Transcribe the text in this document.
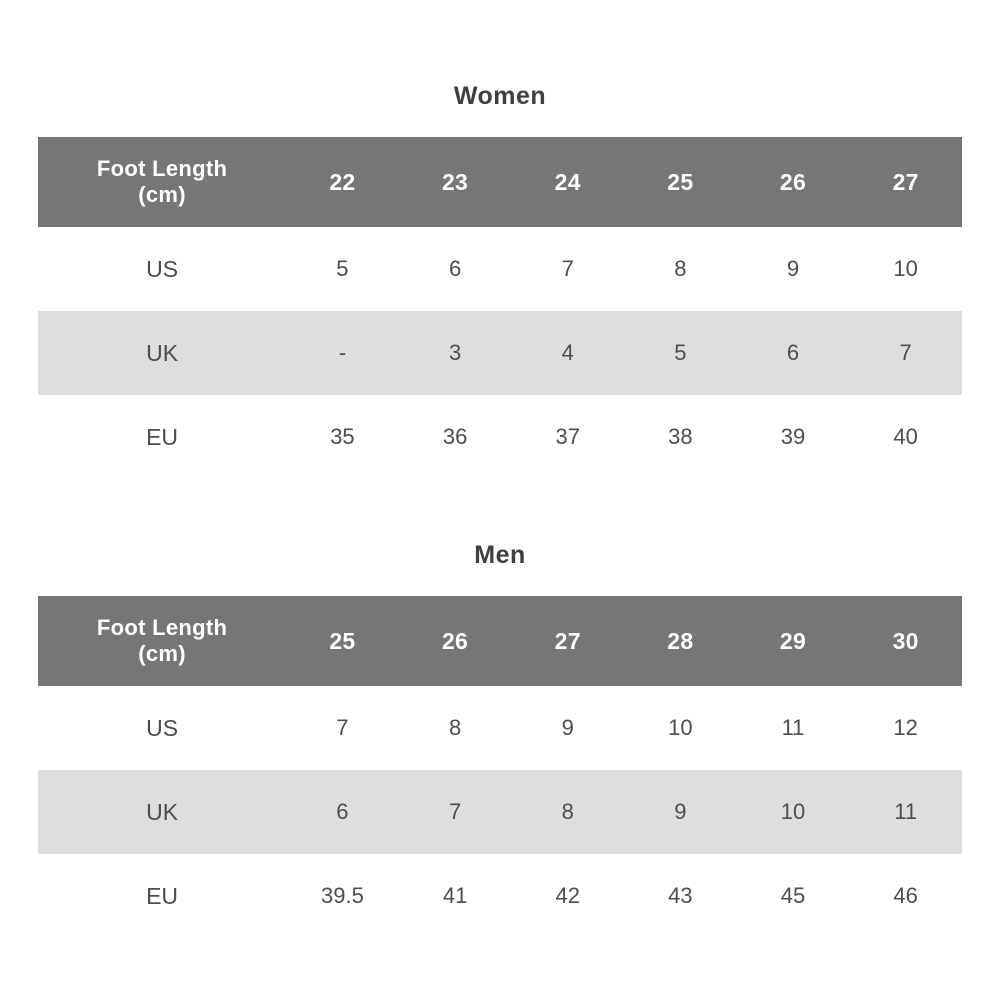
Women
Foot Length
(cm)	22	23	24	25	26	27
US	5	6	7	8	9	10
UK	-	3	4	5	6	7
EU	35	36	37	38	39	40
Men
Foot Length
(cm)	25	26	27	28	29	30
US	7	8	9	10	11	12
UK	6	7	8	9	10	11
EU	39.5	41	42	43	45	46
